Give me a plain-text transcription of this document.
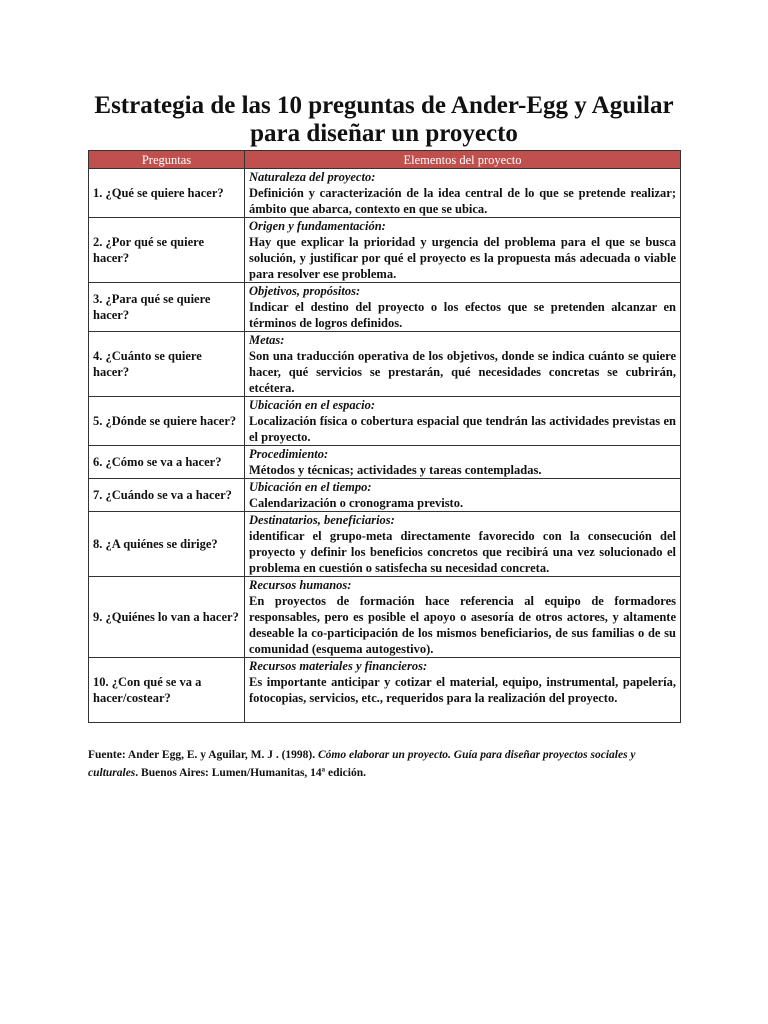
Estrategia de las 10 preguntas de Ander-Egg y Aguilar
para diseñar un proyecto
Preguntas	Elementos del proyecto
1. ¿Qué se quiere hacer?	Naturaleza del proyecto:
Definición y caracterización de la idea central de lo que se pretende realizar; ámbito que abarca, contexto en que se ubica.

2. ¿Por qué se quiere hacer?	Origen y fundamentación:
Hay que explicar la prioridad y urgencia del problema para el que se busca solución, y justificar por qué el proyecto es la propuesta más adecuada o viable para resolver ese problema.

3. ¿Para qué se quiere hacer?	Objetivos, propósitos:
Indicar el destino del proyecto o los efectos que se pretenden alcanzar en términos de logros definidos.

4. ¿Cuánto se quiere hacer?	Metas:
Son una traducción operativa de los objetivos, donde se indica cuánto se quiere hacer, qué servicios se prestarán, qué necesidades concretas se cubrirán, etcétera.

5. ¿Dónde se quiere hacer?	Ubicación en el espacio:
Localización física o cobertura espacial que tendrán las actividades previstas en el proyecto.

6. ¿Cómo se va a hacer?	Procedimiento:
Métodos y técnicas; actividades y tareas contempladas.

7. ¿Cuándo se va a hacer?	Ubicación en el tiempo:
Calendarización o cronograma previsto.

8. ¿A quiénes se dirige?	Destinatarios, beneficiarios:
identificar el grupo-meta directamente favorecido con la consecución del proyecto y definir los beneficios concretos que recibirá una vez solucionado el problema en cuestión o satisfecha su necesidad concreta.

9. ¿Quiénes lo van a hacer?	Recursos humanos:
En proyectos de formación hace referencia al equipo de formadores responsables, pero es posible el apoyo o asesoría de otros actores, y altamente deseable la co-participación de los mismos beneficiarios, de sus familias o de su comunidad (esquema autogestivo).

10. ¿Con qué se va a hacer/costear?	Recursos materiales y financieros:
Es importante anticipar y cotizar el material, equipo, instrumental, papelería, fotocopias, servicios, etc., requeridos para la realización del proyecto.

Fuente: Ander Egg, E. y Aguilar, M. J . (1998). Cómo elaborar un proyecto. Guía para diseñar proyectos sociales y culturales. Buenos Aires: Lumen/Humanitas, 14ª edición.
